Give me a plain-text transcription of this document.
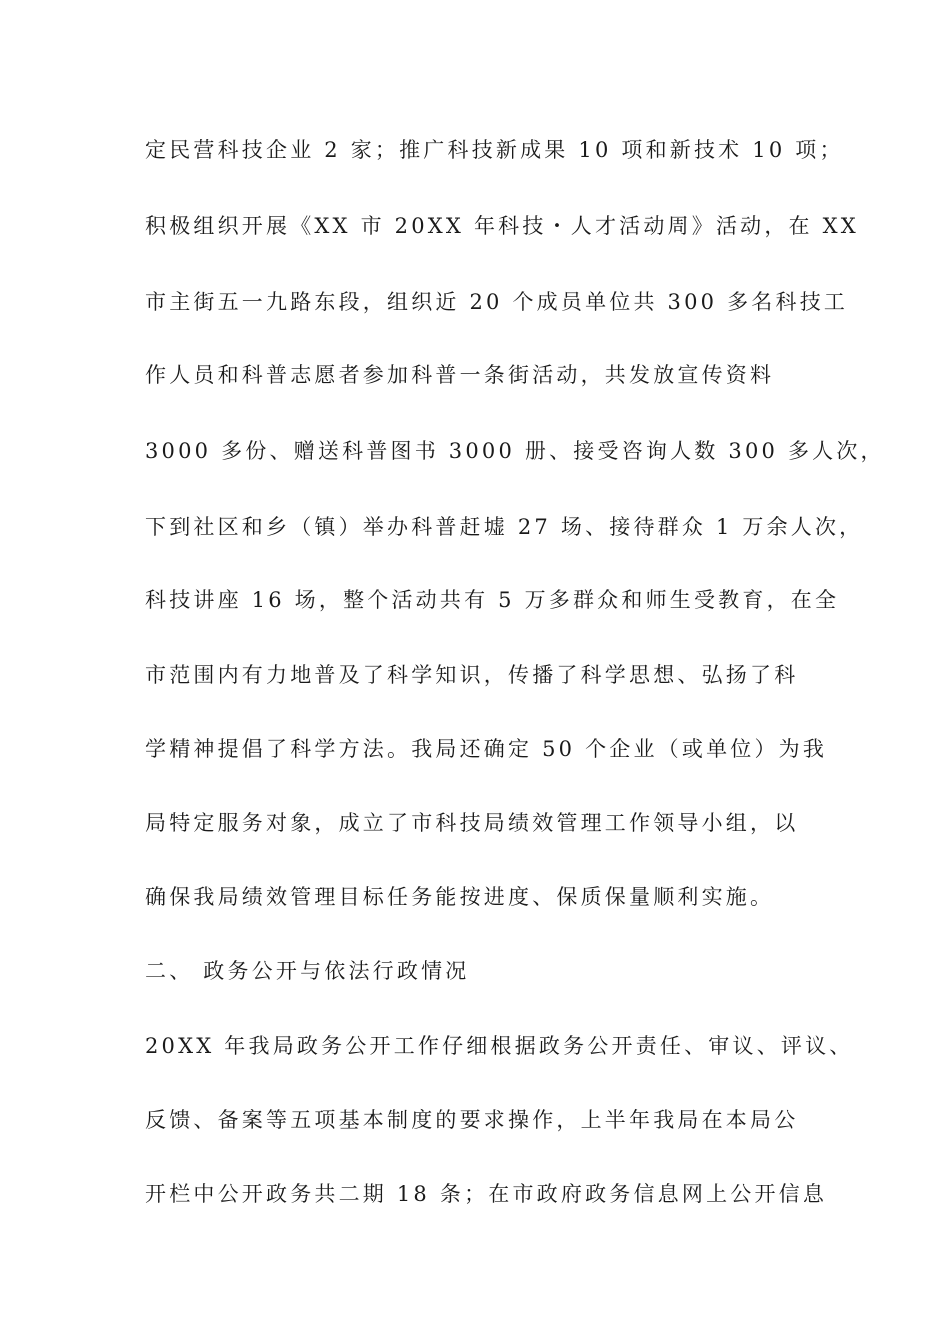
定民营科技企业 2 家；推广科技新成果 10 项和新技术 10 项；
积极组织开展《XX 市 20XX 年科技・人才活动周》活动，在 XX
市主街五一九路东段，组织近 20 个成员单位共 300 多名科技工
作人员和科普志愿者参加科普一条街活动，共发放宣传资料
3000 多份、赠送科普图书 3000 册、接受咨询人数 300 多人次，
下到社区和乡（镇）举办科普赶墟 27 场、接待群众 1 万余人次，
科技讲座 16 场，整个活动共有 5 万多群众和师生受教育，在全
市范围内有力地普及了科学知识，传播了科学思想、弘扬了科
学精神提倡了科学方法。我局还确定 50 个企业（或单位）为我
局特定服务对象，成立了市科技局绩效管理工作领导小组，以
确保我局绩效管理目标任务能按进度、保质保量顺利实施。
二、 政务公开与依法行政情况
20XX 年我局政务公开工作仔细根据政务公开责任、审议、评议、
反馈、备案等五项基本制度的要求操作，上半年我局在本局公
开栏中公开政务共二期 18 条；在市政府政务信息网上公开信息
